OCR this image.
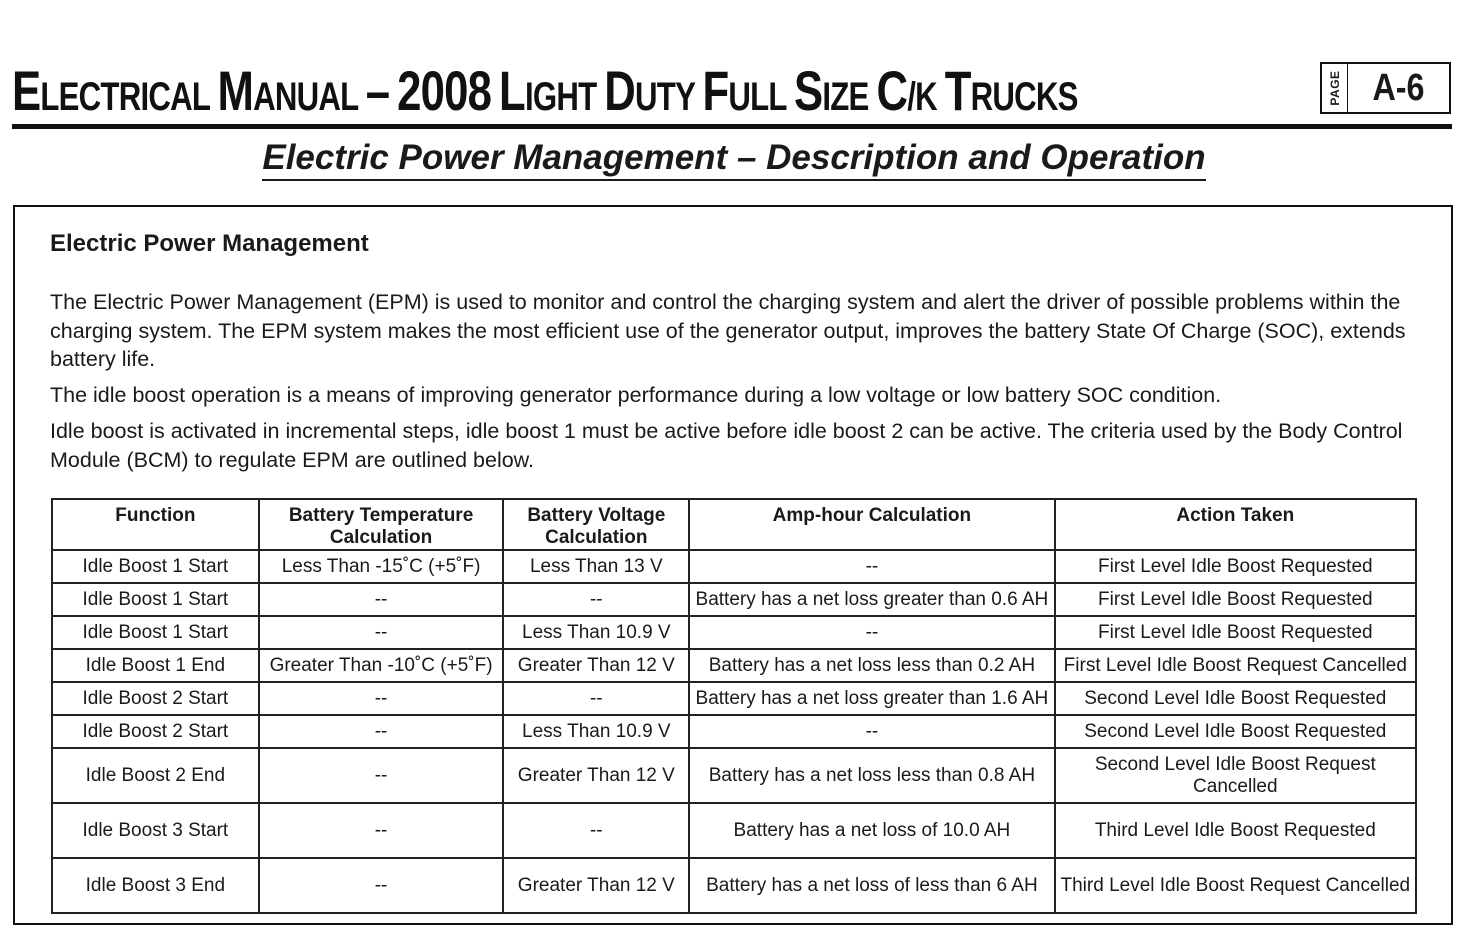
ELECTRICAL MANUAL – 2008 LIGHT DUTY FULL SIZE C/K TRUCKS	PAGE A-6
Electric Power Management – Description and Operation
Electric Power Management
The Electric Power Management (EPM) is used to monitor and control the charging system and alert the driver of possible problems within the charging system. The EPM system makes the most efficient use of the generator output, improves the battery State Of Charge (SOC), extends battery life.
The idle boost operation is a means of improving generator performance during a low voltage or low battery SOC condition.
Idle boost is activated in incremental steps, idle boost 1 must be active before idle boost 2 can be active. The criteria used by the Body Control Module (BCM) to regulate EPM are outlined below.
Function	Battery Temperature Calculation	Battery Voltage Calculation	Amp-hour Calculation	Action Taken
Idle Boost 1 Start	Less Than -15˚C (+5˚F)	Less Than 13 V	--	First Level Idle Boost Requested
Idle Boost 1 Start	--	--	Battery has a net loss greater than 0.6 AH	First Level Idle Boost Requested
Idle Boost 1 Start	--	Less Than 10.9 V	--	First Level Idle Boost Requested
Idle Boost 1 End	Greater Than -10˚C (+5˚F)	Greater Than 12 V	Battery has a net loss less than 0.2 AH	First Level Idle Boost Request Cancelled
Idle Boost 2 Start	--	--	Battery has a net loss greater than 1.6 AH	Second Level Idle Boost Requested
Idle Boost 2 Start	--	Less Than 10.9 V	--	Second Level Idle Boost Requested
Idle Boost 2 End	--	Greater Than 12 V	Battery has a net loss less than 0.8 AH	Second Level Idle Boost Request Cancelled
Idle Boost 3 Start	--	--	Battery has a net loss of 10.0 AH	Third Level Idle Boost Requested
Idle Boost 3 End	--	Greater Than 12 V	Battery has a net loss of less than 6 AH	Third Level Idle Boost Request Cancelled
